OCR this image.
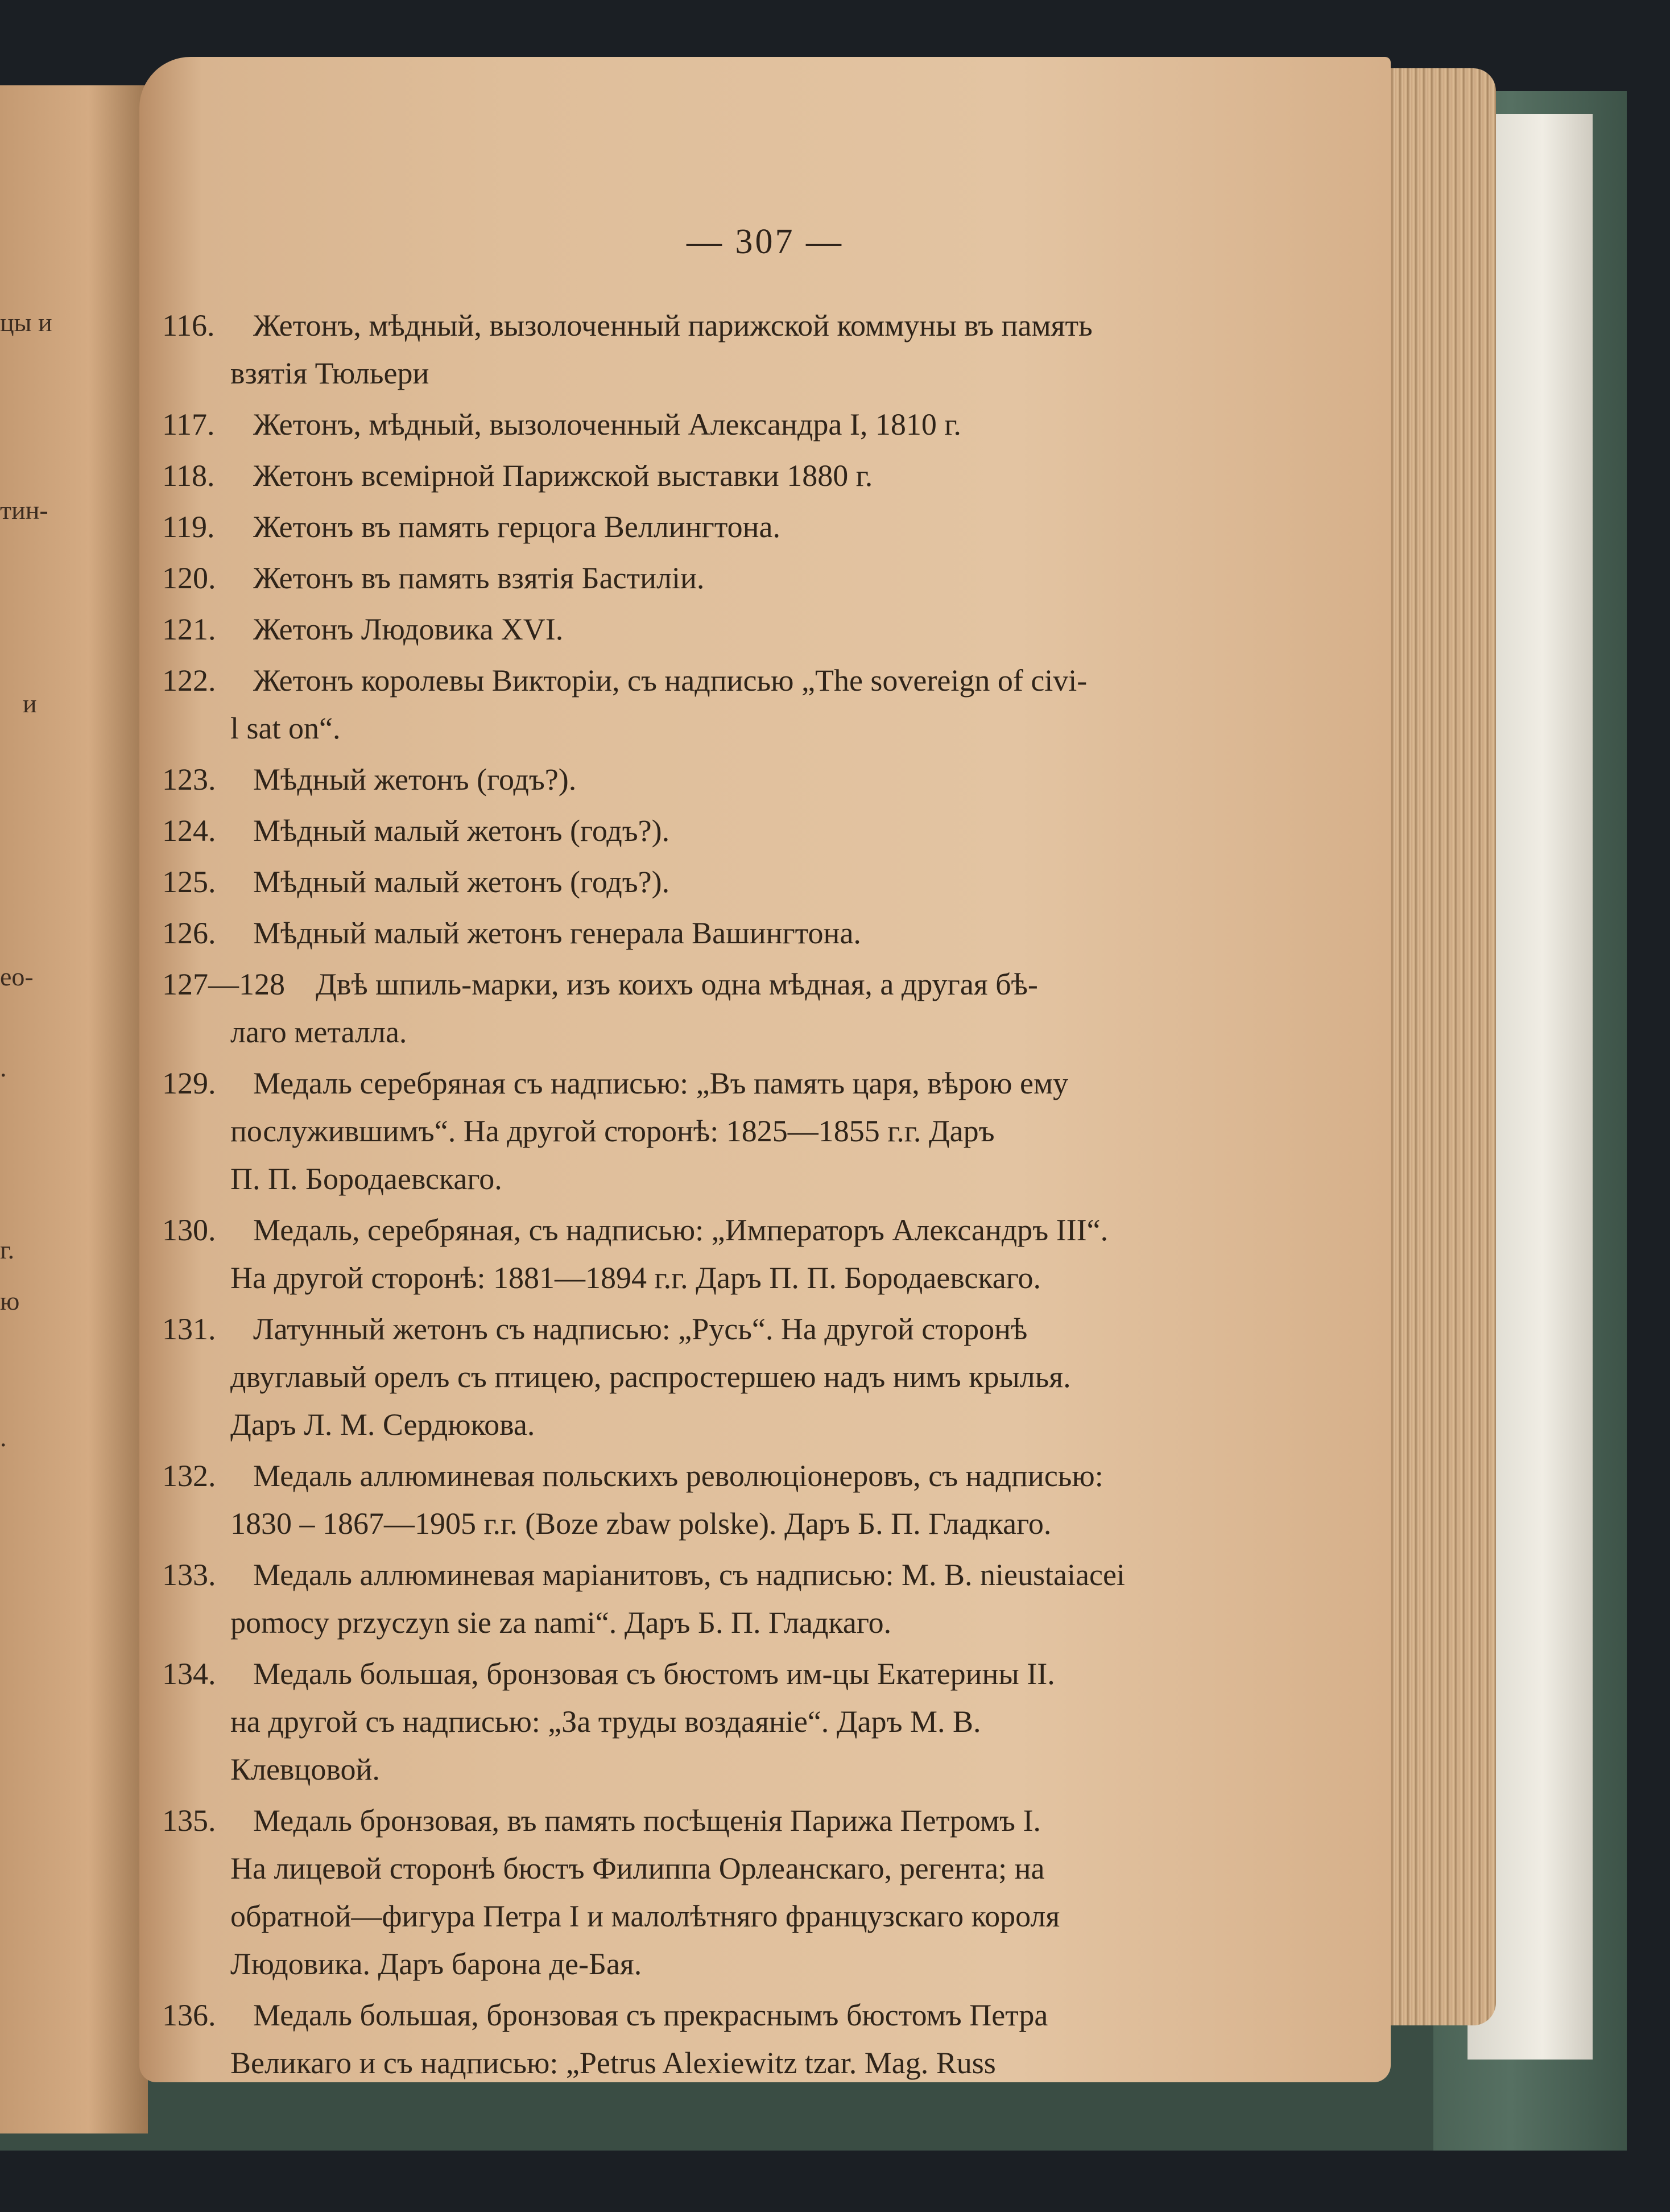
цы и
тин‑
и
ео-
.
г.
ю
.
— 307 —
116. Жетонъ, мѣдный, вызолоченный парижской коммуны въ память
взятія Тюльери
117. Жетонъ, мѣдный, вызолоченный Александра I, 1810 г.
118. Жетонъ всемірной Парижской выставки 1880 г.
119. Жетонъ въ память герцога Веллингтона.
120. Жетонъ въ память взятія Бастиліи.
121. Жетонъ Людовика XVI.
122. Жетонъ королевы Викторіи, съ надписью „The sovereign of civi-
l sat on“.
123. Мѣдный жетонъ (годъ?).
124. Мѣдный малый жетонъ (годъ?).
125. Мѣдный малый жетонъ (годъ?).
126. Мѣдный малый жетонъ генерала Вашингтона.
127—128 Двѣ шпиль-марки, изъ коихъ одна мѣдная, а другая бѣ-
лаго металла.
129. Медаль серебряная съ надписью: „Въ память царя, вѣрою ему
послужившимъ“. На другой сторонѣ: 1825—1855 г.г. Даръ
П. П. Бородаевскаго.
130. Медаль, серебряная, съ надписью: „Императоръ Александръ III“.
На другой сторонѣ: 1881—1894 г.г. Даръ П. П. Бородаевскаго.
131. Латунный жетонъ съ надписью: „Русь“. На другой сторонѣ
двуглавый орелъ съ птицею, распростершею надъ нимъ крылья.
Даръ Л. М. Сердюкова.
132. Медаль аллюминевая польскихъ революціонеровъ, съ надписью:
1830 – 1867—1905 г.г. (Boze zbaw polske). Даръ Б. П. Гладкаго.
133. Медаль аллюминевая маріанитовъ, съ надписью: М. В. nieustaiacei
pomocy przyczyn sie za nami“. Даръ Б. П. Гладкаго.
134. Медаль большая, бронзовая съ бюстомъ им-цы Екатерины II.
на другой съ надписью: „За труды воздаяніе“. Даръ М. В.
Клевцовой.
135. Медаль бронзовая, въ память посѣщенія Парижа Петромъ I.
На лицевой сторонѣ бюстъ Филиппа Орлеанскаго, регента; на
обратной—фигура Петра I и малолѣтняго французскаго короля
Людовика. Даръ барона де-Бая.
136. Медаль большая, бронзовая съ прекраснымъ бюстомъ Петра
Великаго и съ надписью: „Petrus Alexiewitz tzar. Mag. Russ
